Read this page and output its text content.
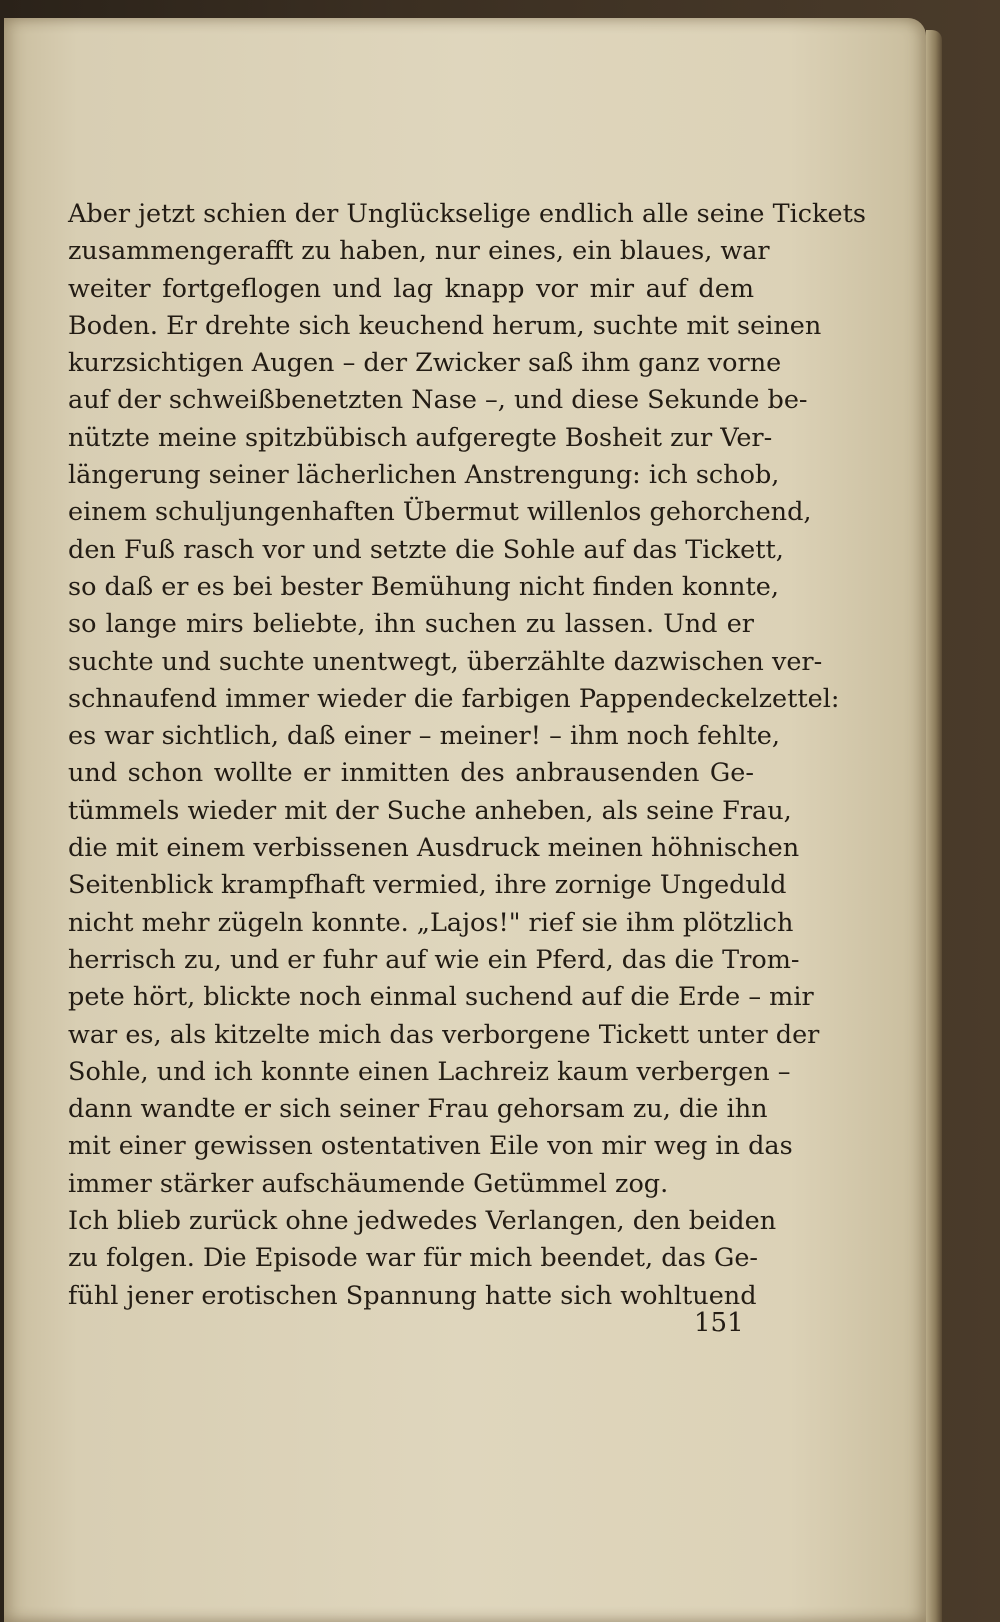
Aber jetzt schien der Unglückselige endlich alle seine Tickets
zusammengerafft zu haben, nur eines, ein blaues, war
weiter fortgeflogen und lag knapp vor mir auf dem
Boden. Er drehte sich keuchend herum, suchte mit seinen
kurzsichtigen Augen – der Zwicker saß ihm ganz vorne
auf der schweißbenetzten Nase –, und diese Sekunde be-
nützte meine spitzbübisch aufgeregte Bosheit zur Ver-
längerung seiner lächerlichen Anstrengung: ich schob,
einem schuljungenhaften Übermut willenlos gehorchend,
den Fuß rasch vor und setzte die Sohle auf das Tickett,
so daß er es bei bester Bemühung nicht finden konnte,
so lange mirs beliebte, ihn suchen zu lassen. Und er
suchte und suchte unentwegt, überzählte dazwischen ver-
schnaufend immer wieder die farbigen Pappendeckelzettel:
es war sichtlich, daß einer – meiner! – ihm noch fehlte,
und schon wollte er inmitten des anbrausenden Ge-
tümmels wieder mit der Suche anheben, als seine Frau,
die mit einem verbissenen Ausdruck meinen höhnischen
Seitenblick krampfhaft vermied, ihre zornige Ungeduld
nicht mehr zügeln konnte. „Lajos!" rief sie ihm plötzlich
herrisch zu, und er fuhr auf wie ein Pferd, das die Trom-
pete hört, blickte noch einmal suchend auf die Erde – mir
war es, als kitzelte mich das verborgene Tickett unter der
Sohle, und ich konnte einen Lachreiz kaum verbergen –
dann wandte er sich seiner Frau gehorsam zu, die ihn
mit einer gewissen ostentativen Eile von mir weg in das
immer stärker aufschäumende Getümmel zog.
Ich blieb zurück ohne jedwedes Verlangen, den beiden
zu folgen. Die Episode war für mich beendet, das Ge-
fühl jener erotischen Spannung hatte sich wohltuend
151
